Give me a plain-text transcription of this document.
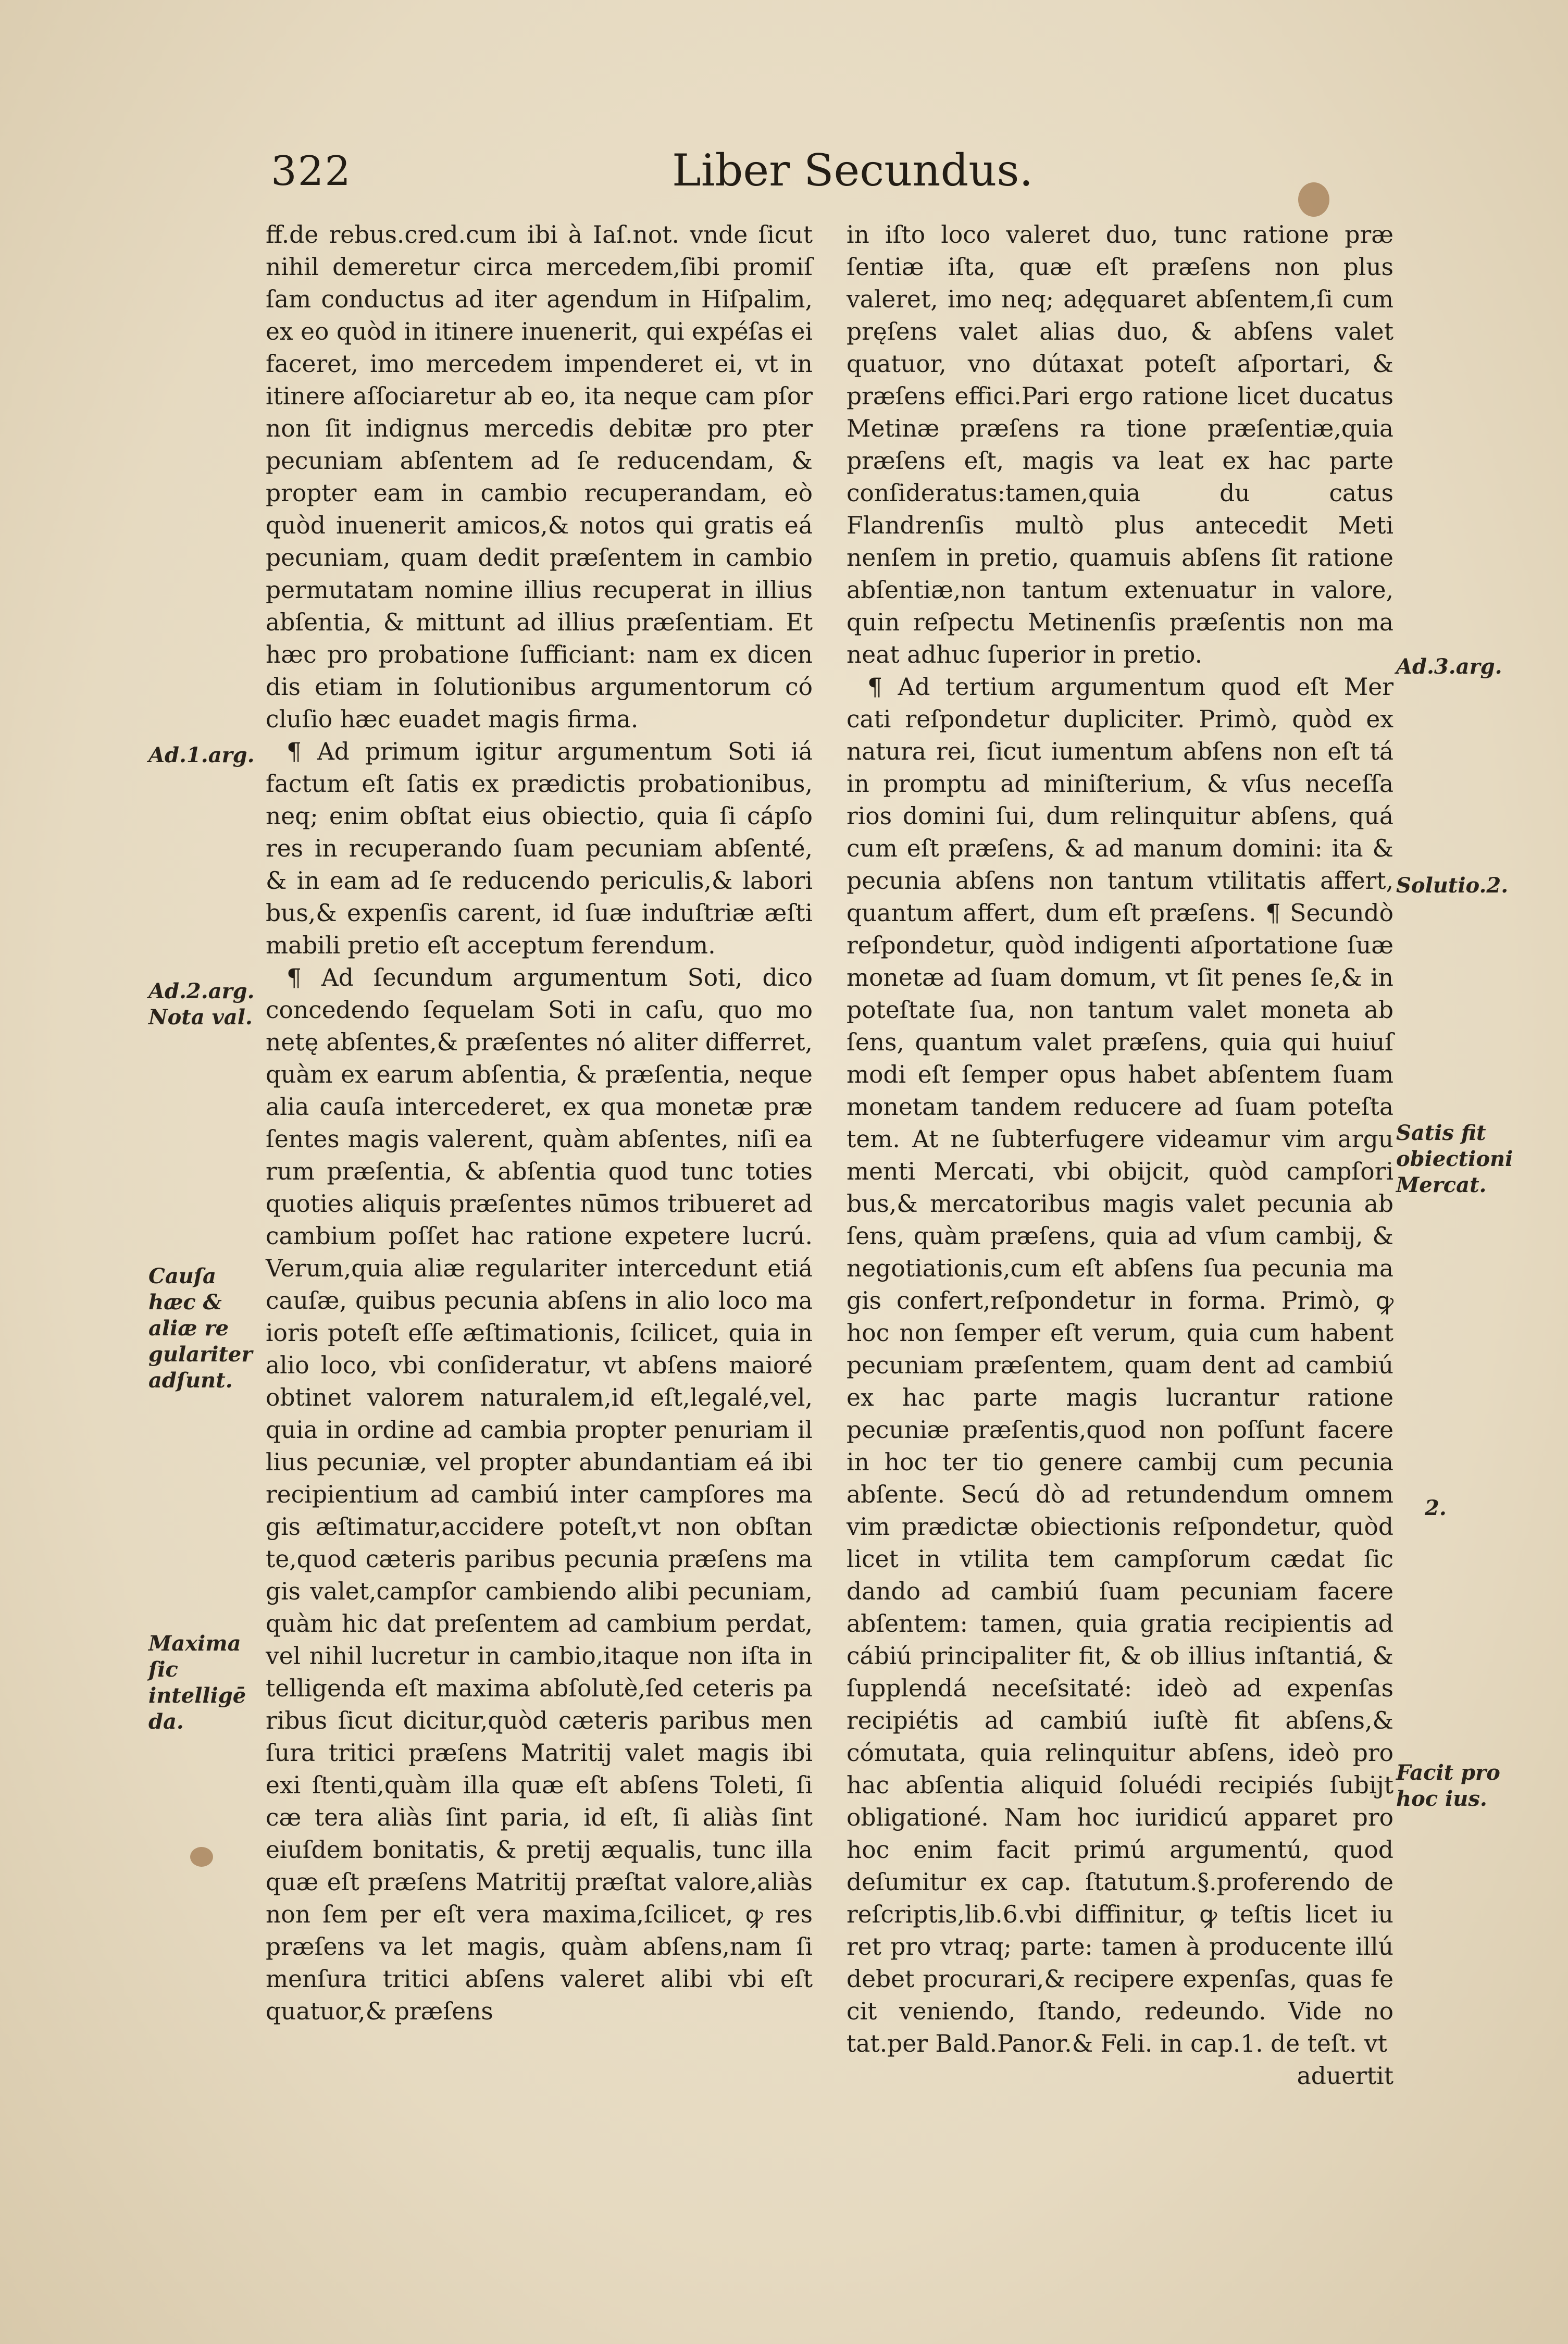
322	Liber Secundus.

ff.de rebus.cred.cum ibi à Iaſ.not. vnde ſicut nihil demeretur circa mercedem,ſibi promiſ ſam conductus ad iter agendum in Hiſpalim, ex eo quòd in itinere inuenerit, qui expéſas ei faceret, imo mercedem impenderet ei, vt in itinere aſſociaretur ab eo, ita neque cam pſor non ſit indignus mercedis debitæ pro pter pecuniam abſentem ad ſe reducendam, & propter eam in cambio recuperandam, eò quòd inuenerit amicos,& notos qui gratis eá pecuniam, quam dedit præſentem in cambio permutatam nomine illius recuperat in illius abſentia, & mittunt ad illius præſentiam. Et hæc pro probatione ſufficiant: nam ex dicen dis etiam in ſolutionibus argumentorum có cluſio hæc euadet magis firma.

¶ Ad primum igitur argumentum Soti iá factum eſt ſatis ex prædictis probationibus, neq; enim obſtat eius obiectio, quia ſi cápſo res in recuperando ſuam pecuniam abſenté, & in eam ad ſe reducendo periculis,& labori bus,& expenſis carent, id ſuæ induſtriæ æſti mabili pretio eſt acceptum ferendum.

¶ Ad ſecundum argumentum Soti, dico concedendo ſequelam Soti in caſu, quo mo netę abſentes,& præſentes nó aliter differret, quàm ex earum abſentia, & præſentia, neque alia cauſa intercederet, ex qua monetæ præ ſentes magis valerent, quàm abſentes, niſi ea rum præſentia, & abſentia quod tunc toties quoties aliquis præſentes nūmos tribueret ad cambium poſſet hac ratione expetere lucrú. Verum,quia aliæ regulariter intercedunt etiá cauſæ, quibus pecunia abſens in alio loco ma ioris poteſt eſſe æſtimationis, ſcilicet, quia in alio loco, vbi conſideratur, vt abſens maioré obtinet valorem naturalem,id eſt,legalé,vel, quia in ordine ad cambia propter penuriam il lius pecuniæ, vel propter abundantiam eá ibi recipientium ad cambiú inter campſores ma gis æſtimatur,accidere poteſt,vt non obſtan te,quod cæteris paribus pecunia præſens ma gis valet,campſor cambiendo alibi pecuniam, quàm hic dat preſentem ad cambium perdat, vel nihil lucretur in cambio,itaque non iſta in telligenda eſt maxima abſolutè,ſed ceteris pa ribus ſicut dicitur,quòd cæteris paribus men ſura tritici præſens Matritij valet magis ibi exi ſtenti,quàm illa quæ eſt abſens Toleti, ſi cæ tera aliàs ſint paria, id eſt, ſi aliàs ſint eiuſdem bonitatis, & pretij æqualis, tunc illa quæ eſt præſens Matritij præſtat valore,aliàs non ſem per eſt vera maxima,ſcilicet, ꝙ res præſens va let magis, quàm abſens,nam ſi menſura tritici abſens valeret alibi vbi eſt quatuor,& præſens

in iſto loco valeret duo, tunc ratione præ ſentiæ iſta, quæ eſt præſens non plus valeret, imo neq; adęquaret abſentem,ſi cum pręſens valet alias duo, & abſens valet quatuor, vno dútaxat poteſt aſportari, & præſens effici.Pari ergo ratione licet ducatus Metinæ præſens ra tione præſentiæ,quia præſens eſt, magis va leat ex hac parte conſideratus:tamen,quia du catus Flandrenſis multò plus antecedit Meti nenſem in pretio, quamuis abſens ſit ratione abſentiæ,non tantum extenuatur in valore, quin reſpectu Metinenſis præſentis non ma neat adhuc ſuperior in pretio.

¶ Ad tertium argumentum quod eſt Mer cati reſpondetur dupliciter. Primò, quòd ex natura rei, ſicut iumentum abſens non eſt tá in promptu ad miniſterium, & vſus neceſſa rios domini ſui, dum relinquitur abſens, quá cum eſt præſens, & ad manum domini: ita & pecunia abſens non tantum vtilitatis affert, quantum affert, dum eſt præſens. ¶ Secundò reſpondetur, quòd indigenti aſportatione ſuæ monetæ ad ſuam domum, vt ſit penes ſe,& in poteſtate ſua, non tantum valet moneta ab ſens, quantum valet præſens, quia qui huiuſ modi eſt ſemper opus habet abſentem ſuam monetam tandem reducere ad ſuam poteſta tem. At ne ſubterfugere videamur vim argu menti Mercati, vbi obijcit, quòd campſori bus,& mercatoribus magis valet pecunia ab ſens, quàm præſens, quia ad vſum cambij, & negotiationis,cum eſt abſens ſua pecunia ma gis confert,reſpondetur in forma. Primò, ꝙ hoc non ſemper eſt verum, quia cum habent pecuniam præſentem, quam dent ad cambiú ex hac parte magis lucrantur ratione pecuniæ præſentis,quod non poſſunt facere in hoc ter tio genere cambij cum pecunia abſente. Secú dò ad retundendum omnem vim prædictæ obiectionis reſpondetur, quòd licet in vtilita tem campſorum cædat ſic dando ad cambiú ſuam pecuniam facere abſentem: tamen, quia gratia recipientis ad cábiú principaliter fit, & ob illius inſtantiá, & ſupplendá neceſsitaté: ideò ad expenſas recipiétis ad cambiú iuſtè fit abſens,& cómutata, quia relinquitur abſens, ideò pro hac abſentia aliquid ſoluédi recipiés ſubijt obligationé. Nam hoc iuridicú apparet pro hoc enim facit primú argumentú, quod deſumitur ex cap. ſtatutum.§.proferendo de reſcriptis,lib.6.vbi diffinitur, ꝙ teſtis licet iu ret pro vtraq; parte: tamen à producente illú debet procurari,& recipere expenſas, quas fe cit veniendo, ſtando, redeundo. Vide no tat.per Bald.Panor.& Feli. in cap.1. de teſt. vt

aduertit

Ad.1.arg.

Ad.2.arg. Nota val.

Cauſa hæc & aliæ re gulariter adſunt.

Maxima ſic intelligē da.

Ad.3.arg.

Solutio.2.

Satis fit obiectioni Mercat.

2.

Facit pro hoc ius.
